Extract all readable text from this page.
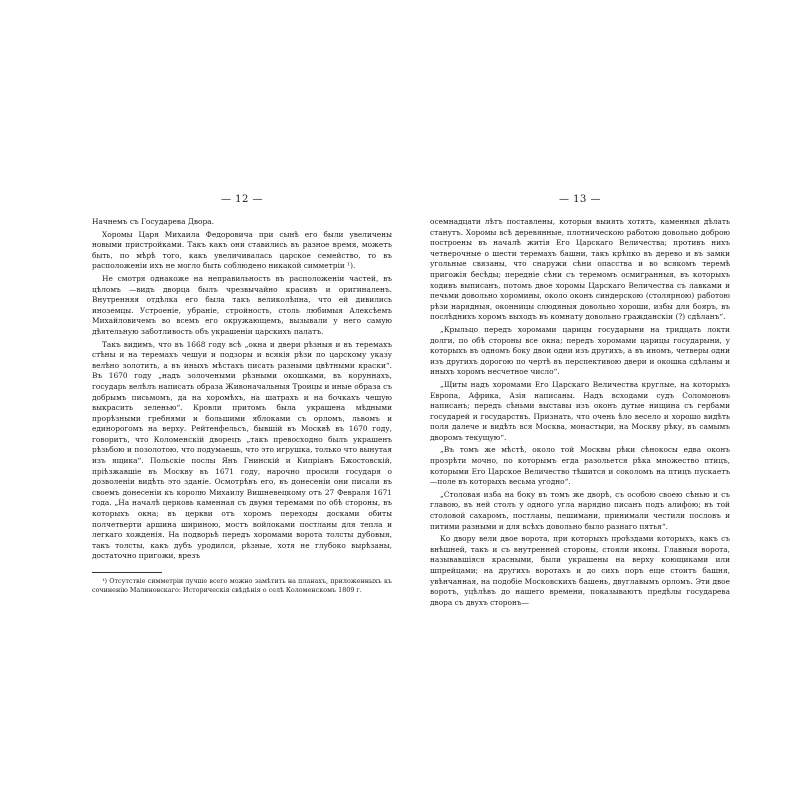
— 12 —

Начнемъ съ Государева Двора.

Хоромы Царя Михаила Федоровича при сынѣ его были увеличены новыми пристройками. Такъ какъ они ставились въ разное время, можетъ быть, по мѣрѣ того, какъ увеличивалась царское семейство, то въ расположеніи ихъ не могло быть соблюдено никакой симметріи ¹).

Не смотря однакоже на неправильность въ расположеніи частей, въ цѣломъ —видъ дворца былъ чрезвычайно красивъ и оригиналенъ. Внутренняя отдѣлка его была такъ великолѣпна, что ей дивились иноземцы. Устроеніе, убраніе, стройность, столь любимыя Алексѣемъ Михайловичемъ во всемъ его окружающемъ, вызывали у него самую дѣятельную заботливость объ украшеніи царскихъ палатъ.

Такъ видимъ, что въ 1668 году всѣ „окна и двери рѣзныя и въ теремахъ стѣны и на теремахъ чешуи и подзоры и всякія рѣзи по царскому указу велѣно золотить, а въ иныхъ мѣстахъ писать разными цвѣтными краски“. Въ 1670 году „надъ золочеными рѣзными окошками, въ коруннахъ, государь велѣлъ написать образа Живоначальныя Троицы и иные образа съ добрымъ письмомъ, да на хоромѣхъ, на шатрахъ и на бочкахъ чешую выкрасить зеленью“. Кровли притомъ была украшена мѣдными прорѣзными гребнями и большими яблоками съ орломъ, львомъ и единорогомъ на верху. Рейтенфельсъ, бывшій въ Москвѣ въ 1670 году, говоритъ, что Коломенскій дворецъ „такъ превосходно былъ украшенъ рѣзьбою и позолотою, что подумаешь, что это игрушка, только что вынутая изъ ящика“. Польскіе послы Янъ Гнинскій и Кипріанъ Бжостовскій, пріѣзжавшіе въ Москву въ 1671 году, нарочно просили государя о дозволеніи видѣть это зданіе. Осмотрѣвъ его, въ донесеніи они писали въ своемъ донесеніи къ королю Михаилу Вишневецкому отъ 27 Февраля 1671 года. „На началѣ церковь каменная съ двумя теремами по обѣ стороны, въ которыхъ окна; въ церкви отъ хоромъ переходы досками обиты полчетверти аршина шириною, мостъ войлоками постланы для тепла и легкаго хожденія. На подворьѣ передъ хоромами ворота толсты дубовыя, такъ толсты, какъ дубъ уродился, рѣзные, хотя не глубоко вырѣзаны, достаточно пригожи, врезъ

¹) Отсутствіе симметріи лучше всего можно замѣтить на планахъ, приложенныхъ къ сочиненію Малиновскаго: Историческія свѣдѣнія о селѣ Коломенскомъ 1809 г.

— 13 —

осемнадцати лѣтъ поставлены, которыя выиять хотятъ, каменныя дѣлать станутъ. Хоромы всѣ деревянные, плотническою работою довольно доброю построены въ началѣ житія Его Царскаго Величества; противъ нихъ четверочные о шести теремахъ башни, такъ крѣпко въ дерево и въ замки угольные связаны, что снаружи сѣни опасства и во всякомъ теремѣ пригожія бесѣды; передніе сѣни съ теремомъ осмигранныя, въ которыхъ ходивъ выписанъ, потомъ двое хоромы Царскаго Величества съ лавками и печьми довольно хоромины, около оконъ синдерскою (столярною) работою рѣзи нарядныя, оконницы слюдяныя довольно хороши, избы для бояръ, въ послѣднихъ хоромъ выходъ въ комнату довольно гражданскіи (?) сдѣланъ“.

„Крыльцо передъ хоромами царицы государыни на тридцать локти долги, по обѣ стороны все окна; передъ хоромами царицы государыни, у которыхъ въ одномъ боку двои одни изъ другихъ, а въ иномъ, четверы одни изъ другихъ дорогою по чертѣ въ перспективою двери и окошка сдѣланы и иныхъ хоромъ несчетное число“.

„Щиты надъ хоромами Его Царскаго Величества круглые, на которыхъ Европа, Африка, Азія написаны. Надъ всходами судъ Соломоновъ написанъ; передъ сѣньми выставы изъ оконъ дутые нищина съ гербами государей и государствъ. Признать, что очень ѣло весело и хорошо видѣть поля далече и видѣть вся Москва, монастыри, на Москву рѣку, въ самымъ дворомъ текущую“.

„Въ томъ же мѣстѣ, около той Москвы рѣки сѣнокосы едва оконъ прозрѣти мочно, по которымъ егда разольется рѣка множество птицъ, которыми Его Царское Величество тѣшится и соколомъ на птицъ пускаетъ—поле въ которыхъ весьма угодно“.

„Столовая изба на боку въ томъ же дворѣ, съ особою своею сѣнью и съ главою, въ ней столъ у одного угла нарядно писанъ подъ алифою; въ той столовой сахаромъ, постланы, пешимани, принимали честили пословъ и питими разными и для всѣхъ довольно было разнаго пятья“.

Ко двору вели двое ворота, при которыхъ проѣздами которыхъ, какъ съ внѣшней, такъ и съ внутренней стороны, стояли иконы. Главныя ворота, называвшіяся красными, были украшены на верху коющиками или шпрейцами; на другихъ воротахъ и до сихъ поръ еще стоитъ башня, увѣнчанная, на подобіе Московскихъ башень, двуглавымъ орломъ. Эти двое воротъ, уцѣлѣвъ до нашего времени, показываютъ предѣлы государева двора съ двухъ сторонъ—
